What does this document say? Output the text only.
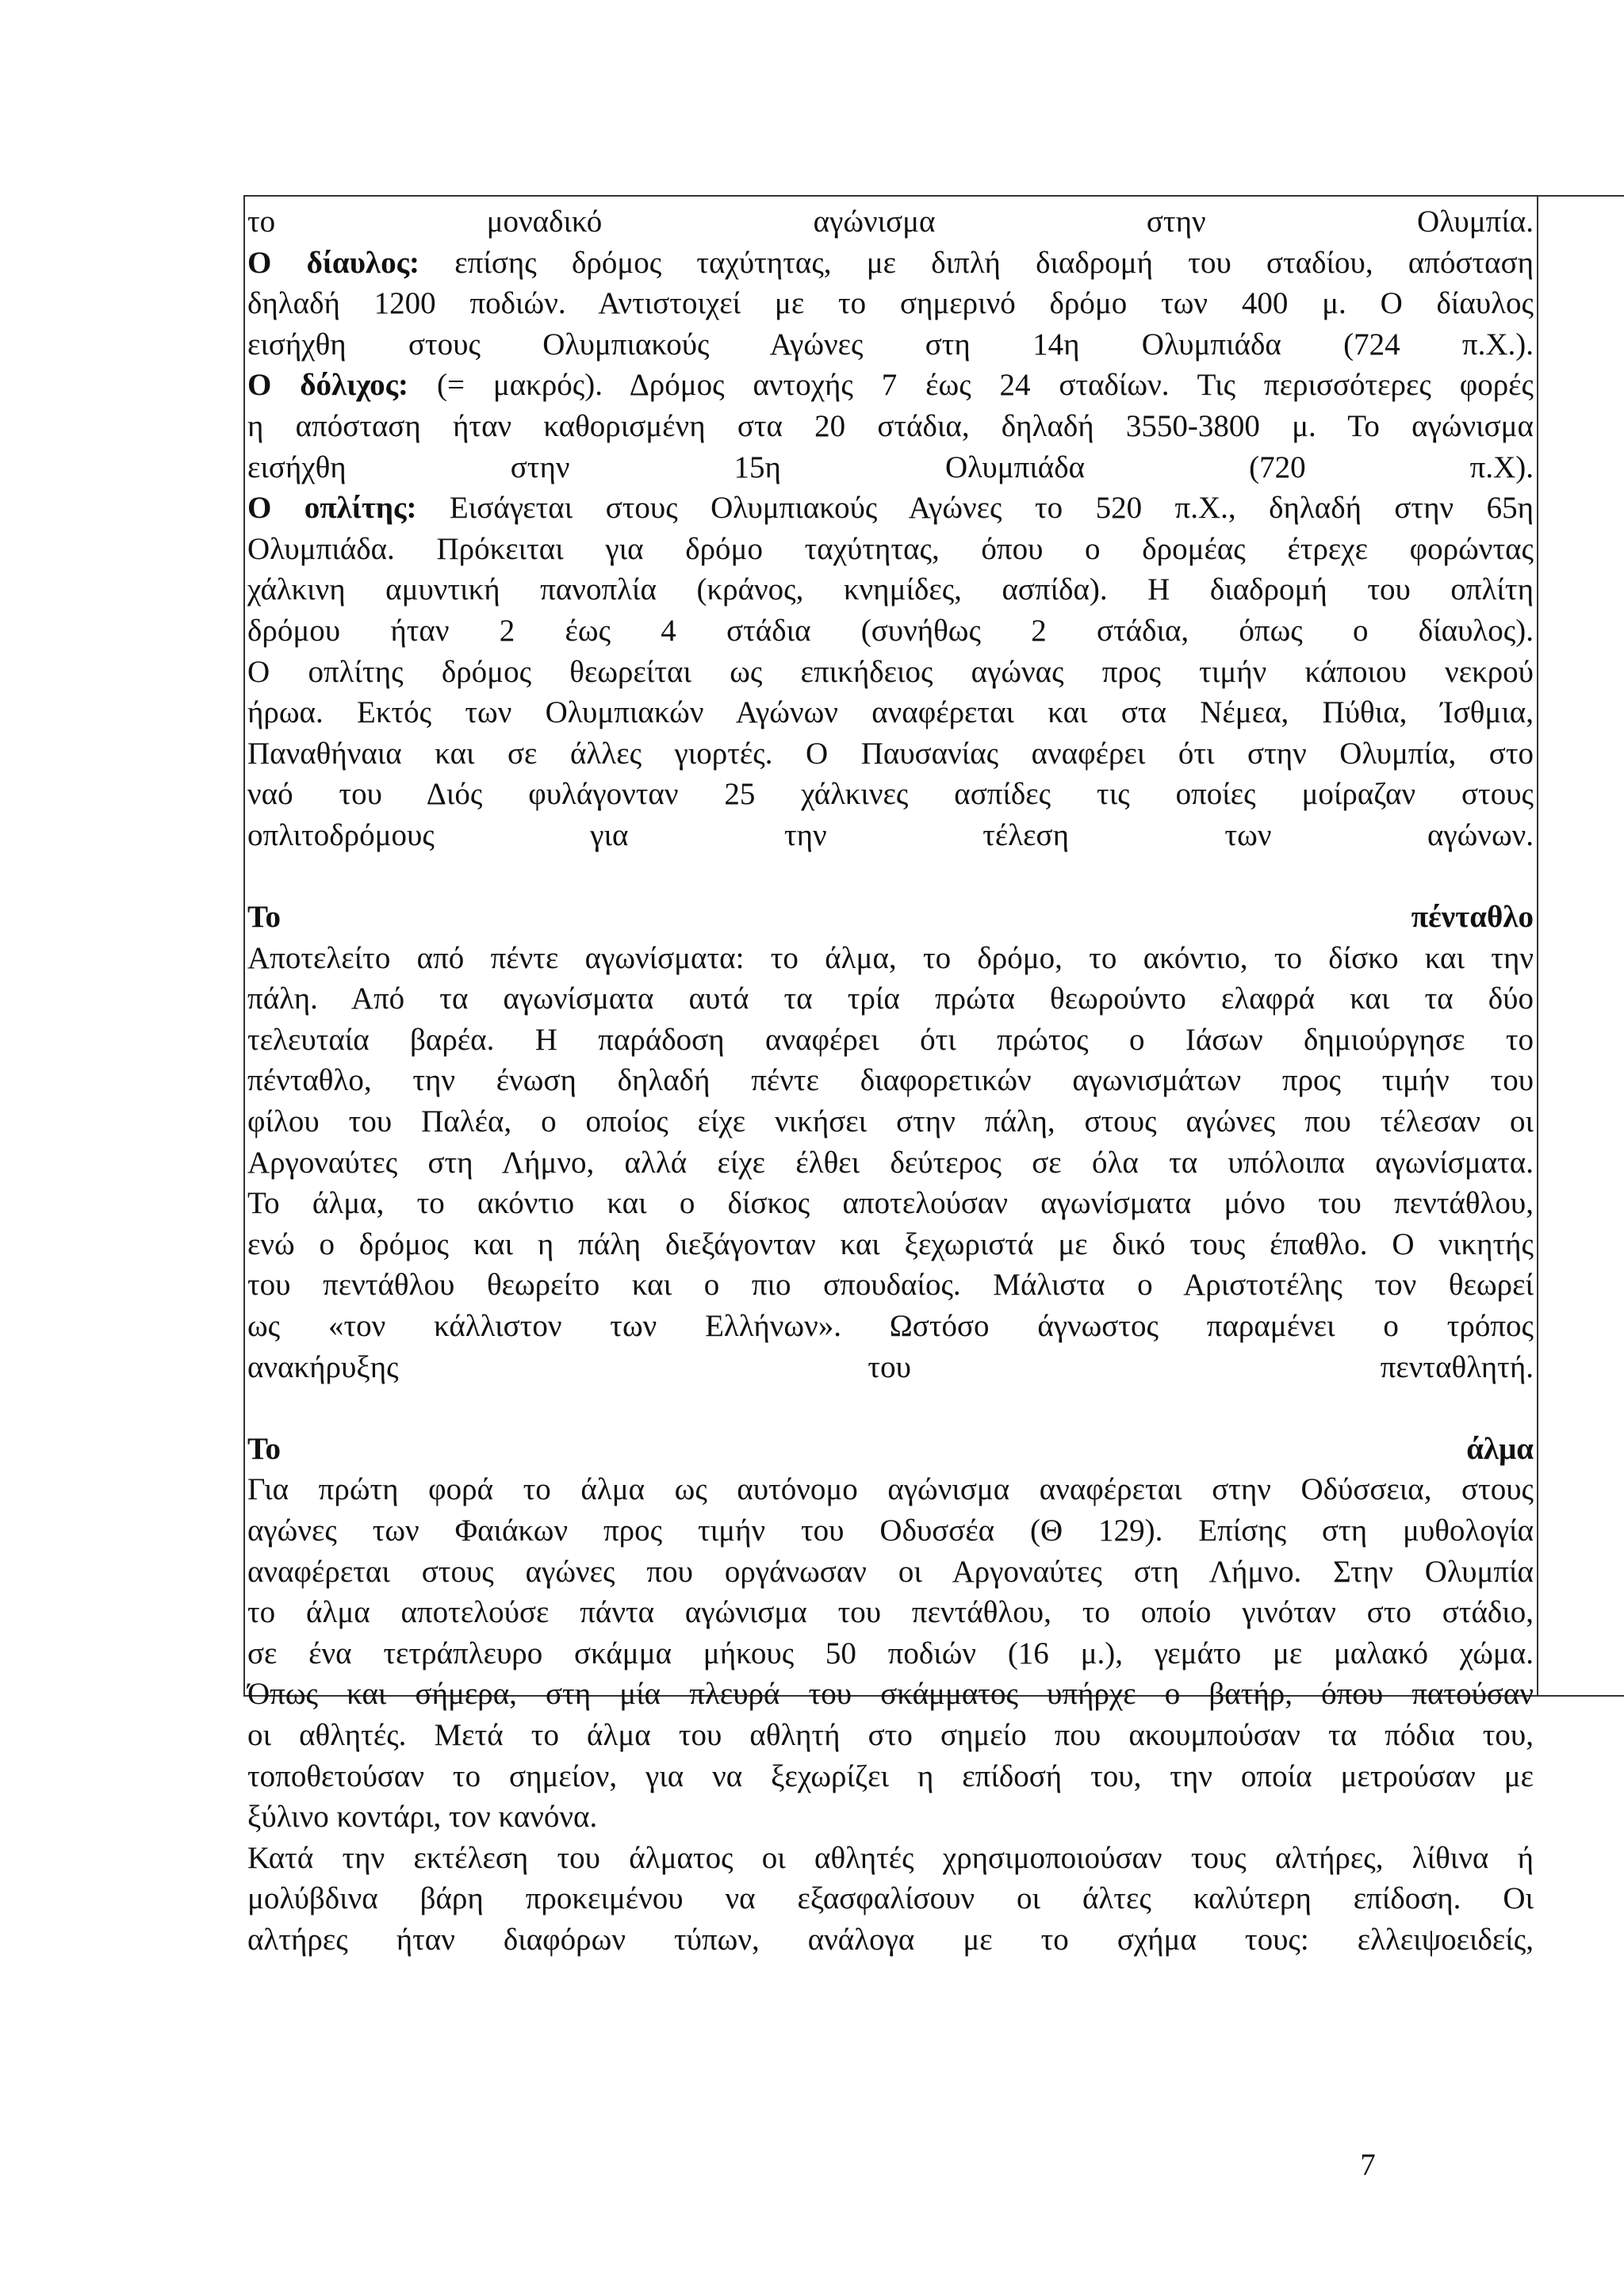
το μοναδικό αγώνισμα στην Ολυμπία.
Ο δίαυλος: επίσης δρόμος ταχύτητας, με διπλή διαδρομή του σταδίου, απόσταση
δηλαδή 1200 ποδιών. Αντιστοιχεί με το σημερινό δρόμο των 400 μ. Ο δίαυλος
εισήχθη στους Ολυμπιακούς Αγώνες στη 14η Ολυμπιάδα (724 π.Χ.).
Ο δόλιχος: (= μακρός). Δρόμος αντοχής 7 έως 24 σταδίων. Τις περισσότερες φορές
η απόσταση ήταν καθορισμένη στα 20 στάδια, δηλαδή 3550-3800 μ. Το αγώνισμα
εισήχθη στην 15η Ολυμπιάδα (720 π.Χ).
Ο οπλίτης: Εισάγεται στους Ολυμπιακούς Αγώνες το 520 π.Χ., δηλαδή στην 65η
Ολυμπιάδα. Πρόκειται για δρόμο ταχύτητας, όπου ο δρομέας έτρεχε φορώντας
χάλκινη αμυντική πανοπλία (κράνος, κνημίδες, ασπίδα). Η διαδρομή του οπλίτη
δρόμου ήταν 2 έως 4 στάδια (συνήθως 2 στάδια, όπως ο δίαυλος).
Ο οπλίτης δρόμος θεωρείται ως επικήδειος αγώνας προς τιμήν κάποιου νεκρού
ήρωα. Εκτός των Ολυμπιακών Αγώνων αναφέρεται και στα Νέμεα, Πύθια, Ίσθμια,
Παναθήναια και σε άλλες γιορτές. Ο Παυσανίας αναφέρει ότι στην Ολυμπία, στο
ναό του Διός φυλάγονταν 25 χάλκινες ασπίδες τις οποίες μοίραζαν στους
οπλιτοδρόμους για την τέλεση των αγώνων.
Το πένταθλο
Αποτελείτο από πέντε αγωνίσματα: το άλμα, το δρόμο, το ακόντιο, το δίσκο και την
πάλη. Από τα αγωνίσματα αυτά τα τρία πρώτα θεωρούντο ελαφρά και τα δύο
τελευταία βαρέα. Η παράδοση αναφέρει ότι πρώτος ο Ιάσων δημιούργησε το
πένταθλο, την ένωση δηλαδή πέντε διαφορετικών αγωνισμάτων προς τιμήν του
φίλου του Παλέα, ο οποίος είχε νικήσει στην πάλη, στους αγώνες που τέλεσαν οι
Αργοναύτες στη Λήμνο, αλλά είχε έλθει δεύτερος σε όλα τα υπόλοιπα αγωνίσματα.
Το άλμα, το ακόντιο και ο δίσκος αποτελούσαν αγωνίσματα μόνο του πεντάθλου,
ενώ ο δρόμος και η πάλη διεξάγονταν και ξεχωριστά με δικό τους έπαθλο. Ο νικητής
του πεντάθλου θεωρείτο και ο πιο σπουδαίος. Μάλιστα ο Αριστοτέλης τον θεωρεί
ως «τον κάλλιστον των Ελλήνων». Ωστόσο άγνωστος παραμένει ο τρόπος
ανακήρυξης του πενταθλητή.
Το άλμα
Για πρώτη φορά το άλμα ως αυτόνομο αγώνισμα αναφέρεται στην Οδύσσεια, στους
αγώνες των Φαιάκων προς τιμήν του Οδυσσέα (Θ 129). Επίσης στη μυθολογία
αναφέρεται στους αγώνες που οργάνωσαν οι Αργοναύτες στη Λήμνο. Στην Ολυμπία
το άλμα αποτελούσε πάντα αγώνισμα του πεντάθλου, το οποίο γινόταν στο στάδιο,
σε ένα τετράπλευρο σκάμμα μήκους 50 ποδιών (16 μ.), γεμάτο με μαλακό χώμα.
Όπως και σήμερα, στη μία πλευρά του σκάμματος υπήρχε ο βατήρ, όπου πατούσαν
οι αθλητές. Μετά το άλμα του αθλητή στο σημείο που ακουμπούσαν τα πόδια του,
τοποθετούσαν το σημείον, για να ξεχωρίζει η επίδοσή του, την οποία μετρούσαν με
ξύλινο κοντάρι, τον κανόνα.
Κατά την εκτέλεση του άλματος οι αθλητές χρησιμοποιούσαν τους αλτήρες, λίθινα ή
μολύβδινα βάρη προκειμένου να εξασφαλίσουν οι άλτες καλύτερη επίδοση. Οι
αλτήρες ήταν διαφόρων τύπων, ανάλογα με το σχήμα τους: ελλειψοειδείς,
7
